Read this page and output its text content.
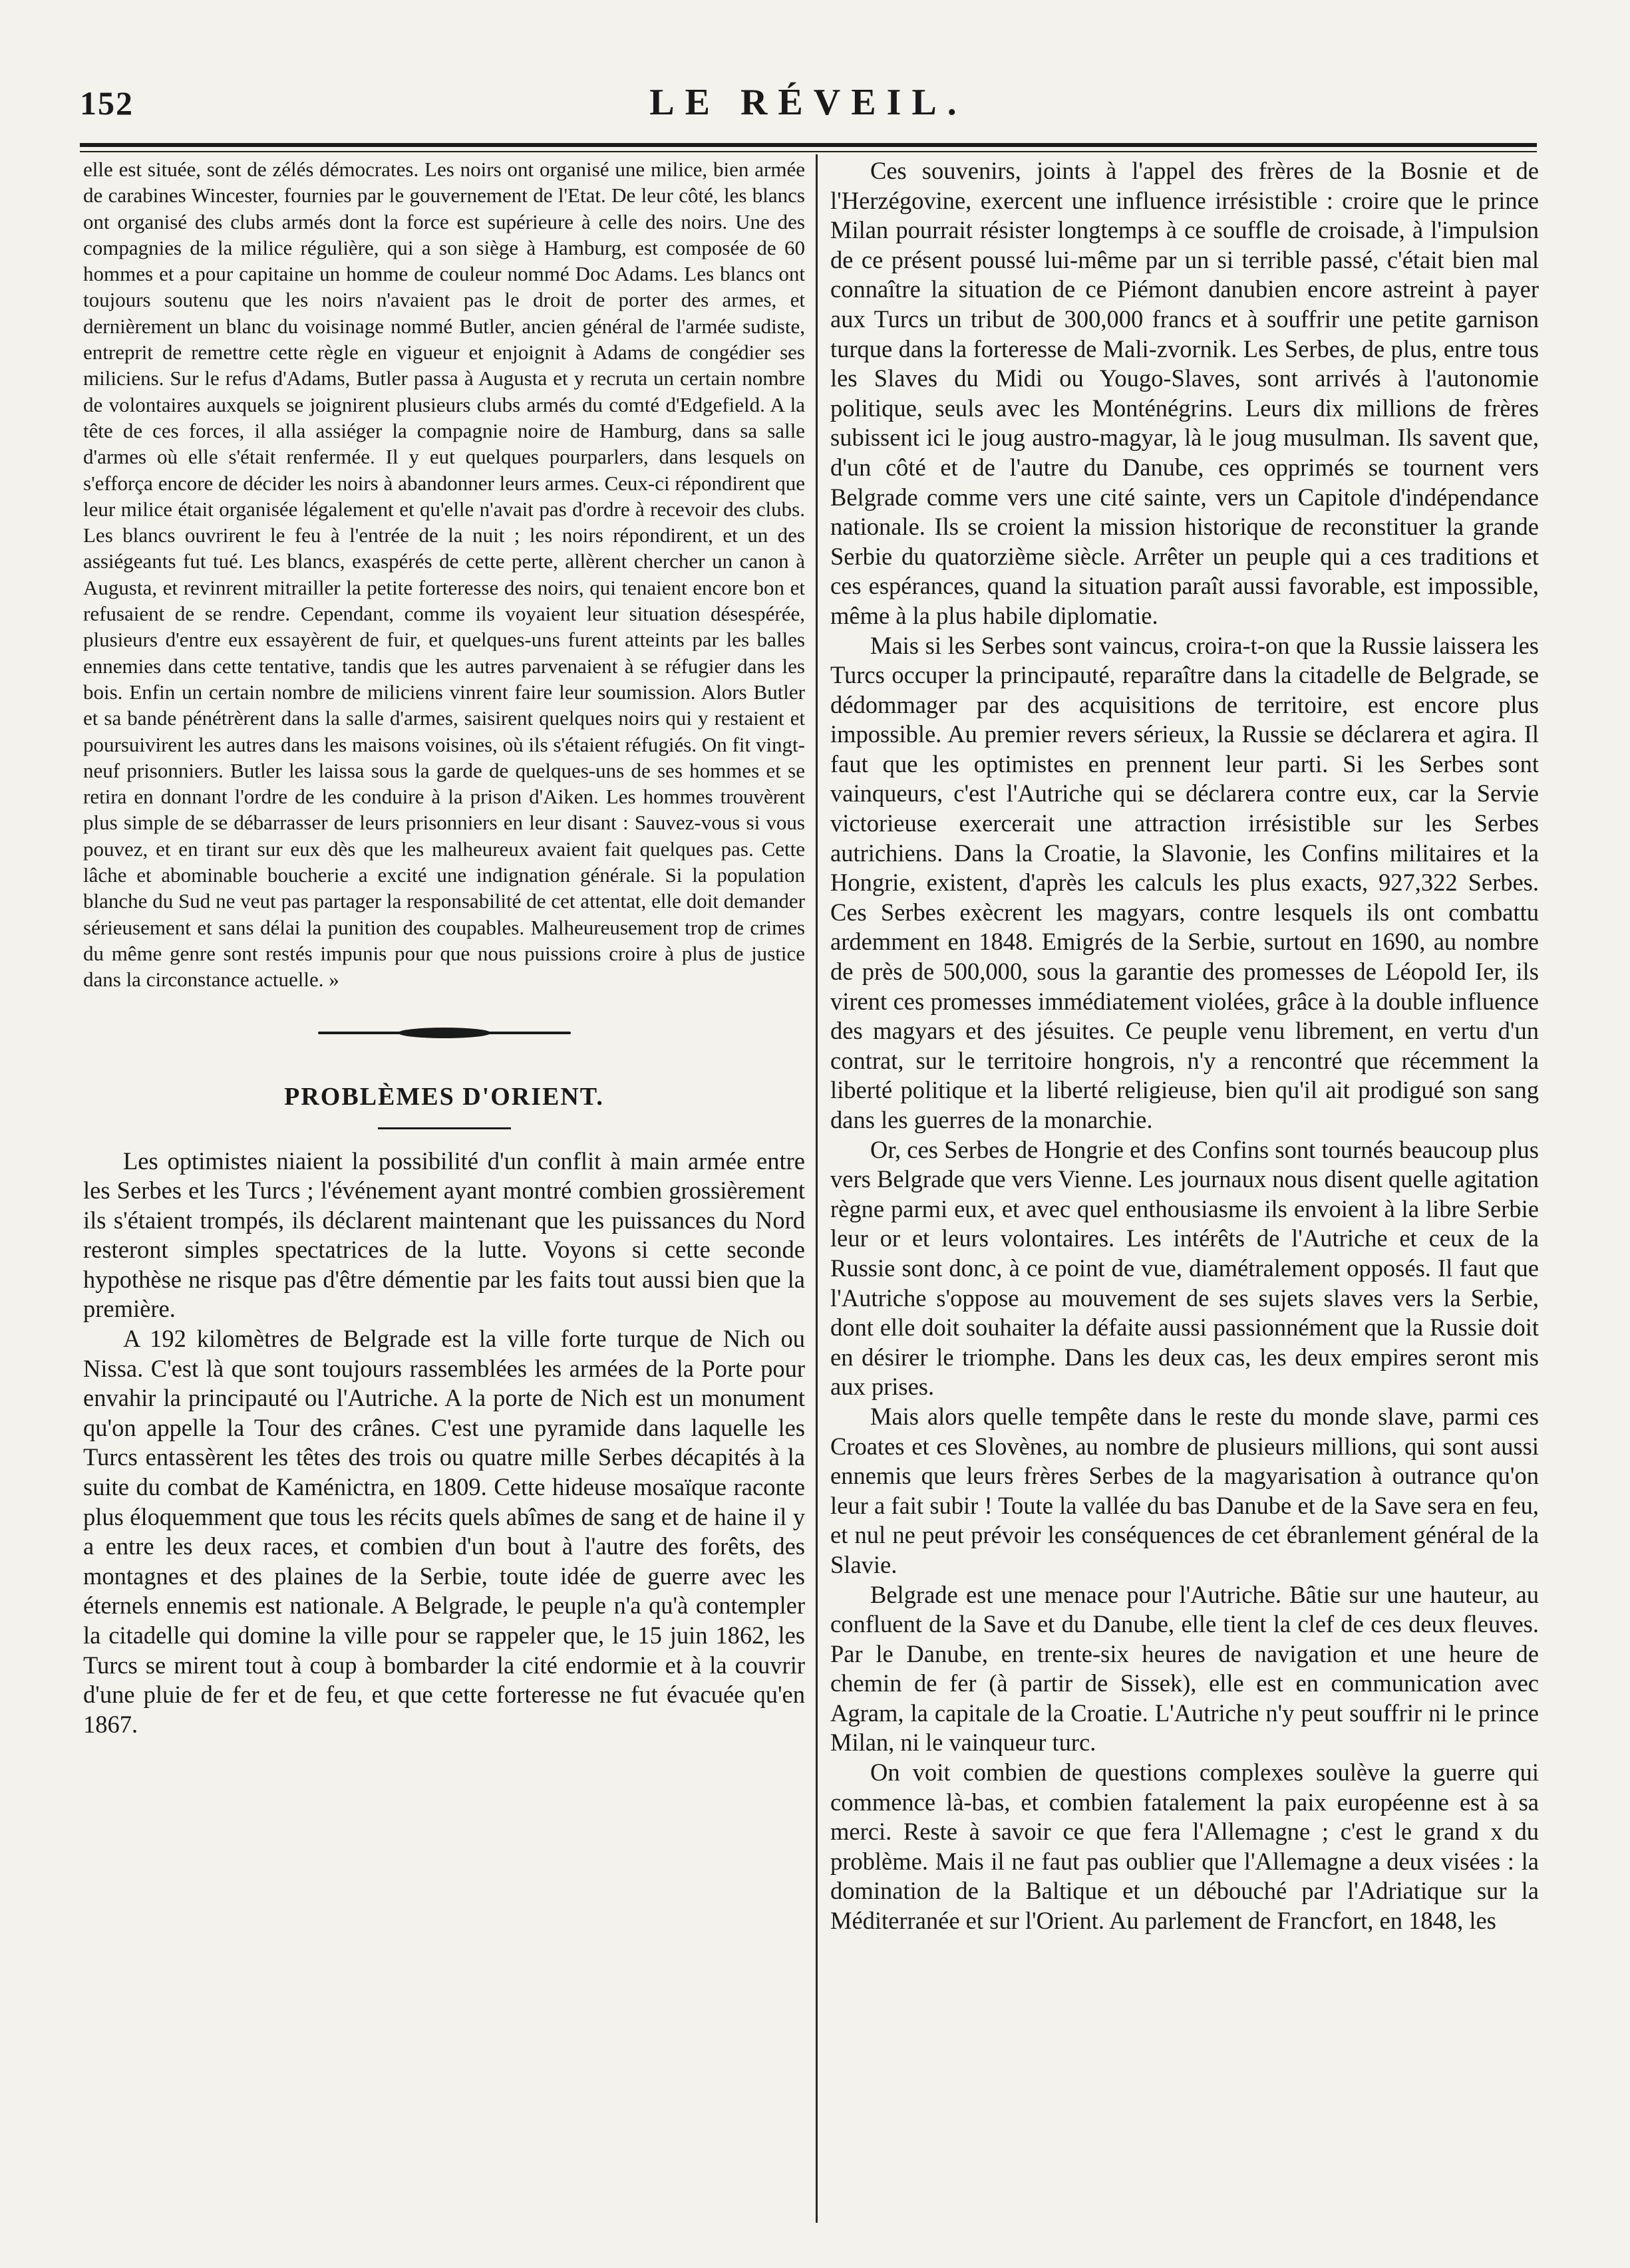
152	LE RÉVEIL.

elle est située, sont de zélés démocrates. Les noirs ont organisé une milice, bien armée de carabines Wincester, fournies par le gouvernement de l'Etat. De leur côté, les blancs ont organisé des clubs armés dont la force est supérieure à celle des noirs. Une des compagnies de la milice régulière, qui a son siège à Hamburg, est composée de 60 hommes et a pour capitaine un homme de couleur nommé Doc Adams. Les blancs ont toujours soutenu que les noirs n'avaient pas le droit de porter des armes, et dernièrement un blanc du voisinage nommé Butler, ancien général de l'armée sudiste, entreprit de remettre cette règle en vigueur et enjoignit à Adams de congédier ses miliciens. Sur le refus d'Adams, Butler passa à Augusta et y recruta un certain nombre de volontaires auxquels se joignirent plusieurs clubs armés du comté d'Edgefield. A la tête de ces forces, il alla assiéger la compagnie noire de Hamburg, dans sa salle d'armes où elle s'était renfermée. Il y eut quelques pourparlers, dans lesquels on s'efforça encore de décider les noirs à abandonner leurs armes. Ceux-ci répondirent que leur milice était organisée légalement et qu'elle n'avait pas d'ordre à recevoir des clubs. Les blancs ouvrirent le feu à l'entrée de la nuit ; les noirs répondirent, et un des assiégeants fut tué. Les blancs, exaspérés de cette perte, allèrent chercher un canon à Augusta, et revinrent mitrailler la petite forteresse des noirs, qui tenaient encore bon et refusaient de se rendre. Cependant, comme ils voyaient leur situation désespérée, plusieurs d'entre eux essayèrent de fuir, et quelques-uns furent atteints par les balles ennemies dans cette tentative, tandis que les autres parvenaient à se réfugier dans les bois. Enfin un certain nombre de miliciens vinrent faire leur soumission. Alors Butler et sa bande pénétrèrent dans la salle d'armes, saisirent quelques noirs qui y restaient et poursuivirent les autres dans les maisons voisines, où ils s'étaient réfugiés. On fit vingt-neuf prisonniers. Butler les laissa sous la garde de quelques-uns de ses hommes et se retira en donnant l'ordre de les conduire à la prison d'Aiken. Les hommes trouvèrent plus simple de se débarrasser de leurs prisonniers en leur disant : Sauvez-vous si vous pouvez, et en tirant sur eux dès que les malheureux avaient fait quelques pas. Cette lâche et abominable boucherie a excité une indignation générale. Si la population blanche du Sud ne veut pas partager la responsabilité de cet attentat, elle doit demander sérieusement et sans délai la punition des coupables. Malheureusement trop de crimes du même genre sont restés impunis pour que nous puissions croire à plus de justice dans la circonstance actuelle. »

PROBLÈMES D'ORIENT.

Les optimistes niaient la possibilité d'un conflit à main armée entre les Serbes et les Turcs ; l'événement ayant montré combien grossièrement ils s'étaient trompés, ils déclarent maintenant que les puissances du Nord resteront simples spectatrices de la lutte. Voyons si cette seconde hypothèse ne risque pas d'être démentie par les faits tout aussi bien que la première.

A 192 kilomètres de Belgrade est la ville forte turque de Nich ou Nissa. C'est là que sont toujours rassemblées les armées de la Porte pour envahir la principauté ou l'Autriche. A la porte de Nich est un monument qu'on appelle la Tour des crânes. C'est une pyramide dans laquelle les Turcs entassèrent les têtes des trois ou quatre mille Serbes décapités à la suite du combat de Kaménictra, en 1809. Cette hideuse mosaïque raconte plus éloquemment que tous les récits quels abîmes de sang et de haine il y a entre les deux races, et combien d'un bout à l'autre des forêts, des montagnes et des plaines de la Serbie, toute idée de guerre avec les éternels ennemis est nationale. A Belgrade, le peuple n'a qu'à contempler la citadelle qui domine la ville pour se rappeler que, le 15 juin 1862, les Turcs se mirent tout à coup à bombarder la cité endormie et à la couvrir d'une pluie de fer et de feu, et que cette forteresse ne fut évacuée qu'en 1867.

Ces souvenirs, joints à l'appel des frères de la Bosnie et de l'Herzégovine, exercent une influence irrésistible : croire que le prince Milan pourrait résister longtemps à ce souffle de croisade, à l'impulsion de ce présent poussé lui-même par un si terrible passé, c'était bien mal connaître la situation de ce Piémont danubien encore astreint à payer aux Turcs un tribut de 300,000 francs et à souffrir une petite garnison turque dans la forteresse de Mali-zvornik. Les Serbes, de plus, entre tous les Slaves du Midi ou Yougo-Slaves, sont arrivés à l'autonomie politique, seuls avec les Monténégrins. Leurs dix millions de frères subissent ici le joug austro-magyar, là le joug musulman. Ils savent que, d'un côté et de l'autre du Danube, ces opprimés se tournent vers Belgrade comme vers une cité sainte, vers un Capitole d'indépendance nationale. Ils se croient la mission historique de reconstituer la grande Serbie du quatorzième siècle. Arrêter un peuple qui a ces traditions et ces espérances, quand la situation paraît aussi favorable, est impossible, même à la plus habile diplomatie.

Mais si les Serbes sont vaincus, croira-t-on que la Russie laissera les Turcs occuper la principauté, reparaître dans la citadelle de Belgrade, se dédommager par des acquisitions de territoire, est encore plus impossible. Au premier revers sérieux, la Russie se déclarera et agira. Il faut que les optimistes en prennent leur parti. Si les Serbes sont vainqueurs, c'est l'Autriche qui se déclarera contre eux, car la Servie victorieuse exercerait une attraction irrésistible sur les Serbes autrichiens. Dans la Croatie, la Slavonie, les Confins militaires et la Hongrie, existent, d'après les calculs les plus exacts, 927,322 Serbes. Ces Serbes exècrent les magyars, contre lesquels ils ont combattu ardemment en 1848. Emigrés de la Serbie, surtout en 1690, au nombre de près de 500,000, sous la garantie des promesses de Léopold Ier, ils virent ces promesses immédiatement violées, grâce à la double influence des magyars et des jésuites. Ce peuple venu librement, en vertu d'un contrat, sur le territoire hongrois, n'y a rencontré que récemment la liberté politique et la liberté religieuse, bien qu'il ait prodigué son sang dans les guerres de la monarchie.

Or, ces Serbes de Hongrie et des Confins sont tournés beaucoup plus vers Belgrade que vers Vienne. Les journaux nous disent quelle agitation règne parmi eux, et avec quel enthousiasme ils envoient à la libre Serbie leur or et leurs volontaires. Les intérêts de l'Autriche et ceux de la Russie sont donc, à ce point de vue, diamétralement opposés. Il faut que l'Autriche s'oppose au mouvement de ses sujets slaves vers la Serbie, dont elle doit souhaiter la défaite aussi passionnément que la Russie doit en désirer le triomphe. Dans les deux cas, les deux empires seront mis aux prises.

Mais alors quelle tempête dans le reste du monde slave, parmi ces Croates et ces Slovènes, au nombre de plusieurs millions, qui sont aussi ennemis que leurs frères Serbes de la magyarisation à outrance qu'on leur a fait subir ! Toute la vallée du bas Danube et de la Save sera en feu, et nul ne peut prévoir les conséquences de cet ébranlement général de la Slavie.

Belgrade est une menace pour l'Autriche. Bâtie sur une hauteur, au confluent de la Save et du Danube, elle tient la clef de ces deux fleuves. Par le Danube, en trente-six heures de navigation et une heure de chemin de fer (à partir de Sissek), elle est en communication avec Agram, la capitale de la Croatie. L'Autriche n'y peut souffrir ni le prince Milan, ni le vainqueur turc.

On voit combien de questions complexes soulève la guerre qui commence là-bas, et combien fatalement la paix européenne est à sa merci. Reste à savoir ce que fera l'Allemagne ; c'est le grand x du problème. Mais il ne faut pas oublier que l'Allemagne a deux visées : la domination de la Baltique et un débouché par l'Adriatique sur la Méditerranée et sur l'Orient. Au parlement de Francfort, en 1848, les
